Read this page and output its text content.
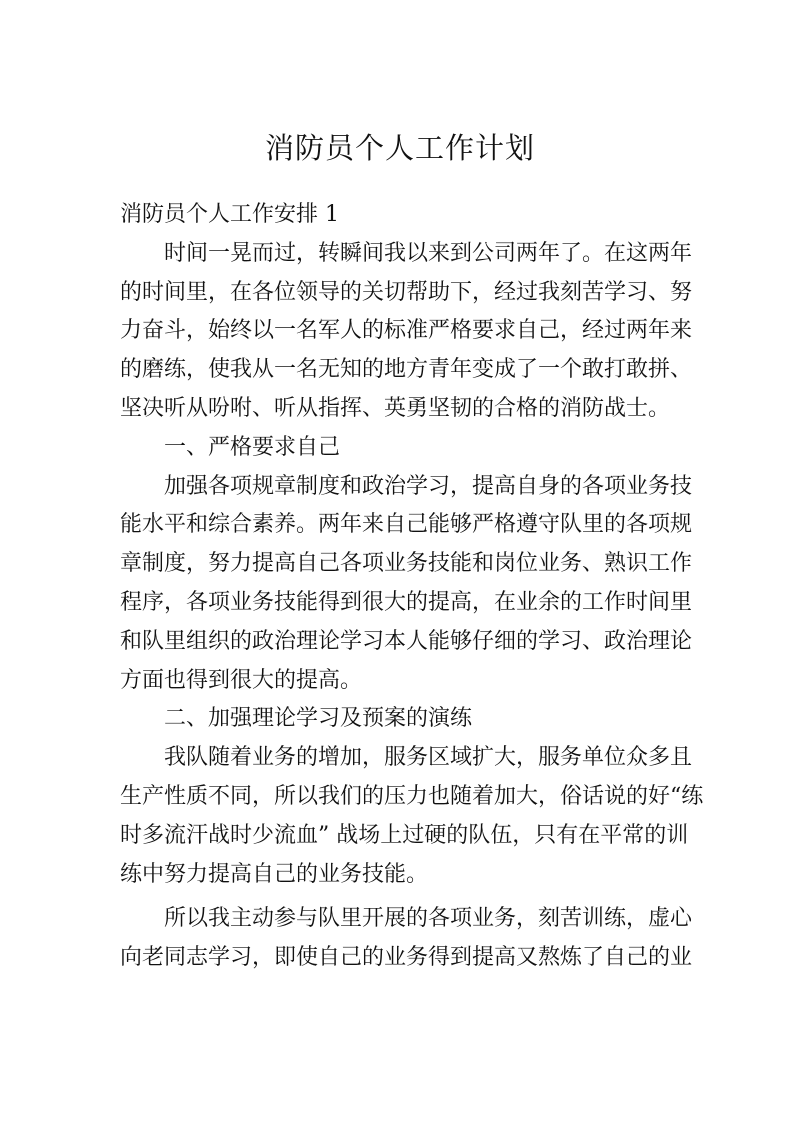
消防员个人工作计划

消防员个人工作安排 1

时间一晃而过，转瞬间我以来到公司两年了。在这两年

的时间里，在各位领导的关切帮助下，经过我刻苦学习、努

力奋斗，始终以一名军人的标准严格要求自己，经过两年来

的磨练，使我从一名无知的地方青年变成了一个敢打敢拼、

坚决听从吩咐、听从指挥、英勇坚韧的合格的消防战士。

一、严格要求自己

加强各项规章制度和政治学习，提高自身的各项业务技

能水平和综合素养。两年来自己能够严格遵守队里的各项规

章制度，努力提高自己各项业务技能和岗位业务、熟识工作

程序，各项业务技能得到很大的提高，在业余的工作时间里

和队里组织的政治理论学习本人能够仔细的学习、政治理论

方面也得到很大的提高。

二、加强理论学习及预案的演练

我队随着业务的增加，服务区域扩大，服务单位众多且

生产性质不同，所以我们的压力也随着加大，俗话说的好“练

时多流汗战时少流血” 战场上过硬的队伍，只有在平常的训

练中努力提高自己的业务技能。

所以我主动参与队里开展的各项业务，刻苦训练，虚心

向老同志学习，即使自己的业务得到提高又熬炼了自己的业
